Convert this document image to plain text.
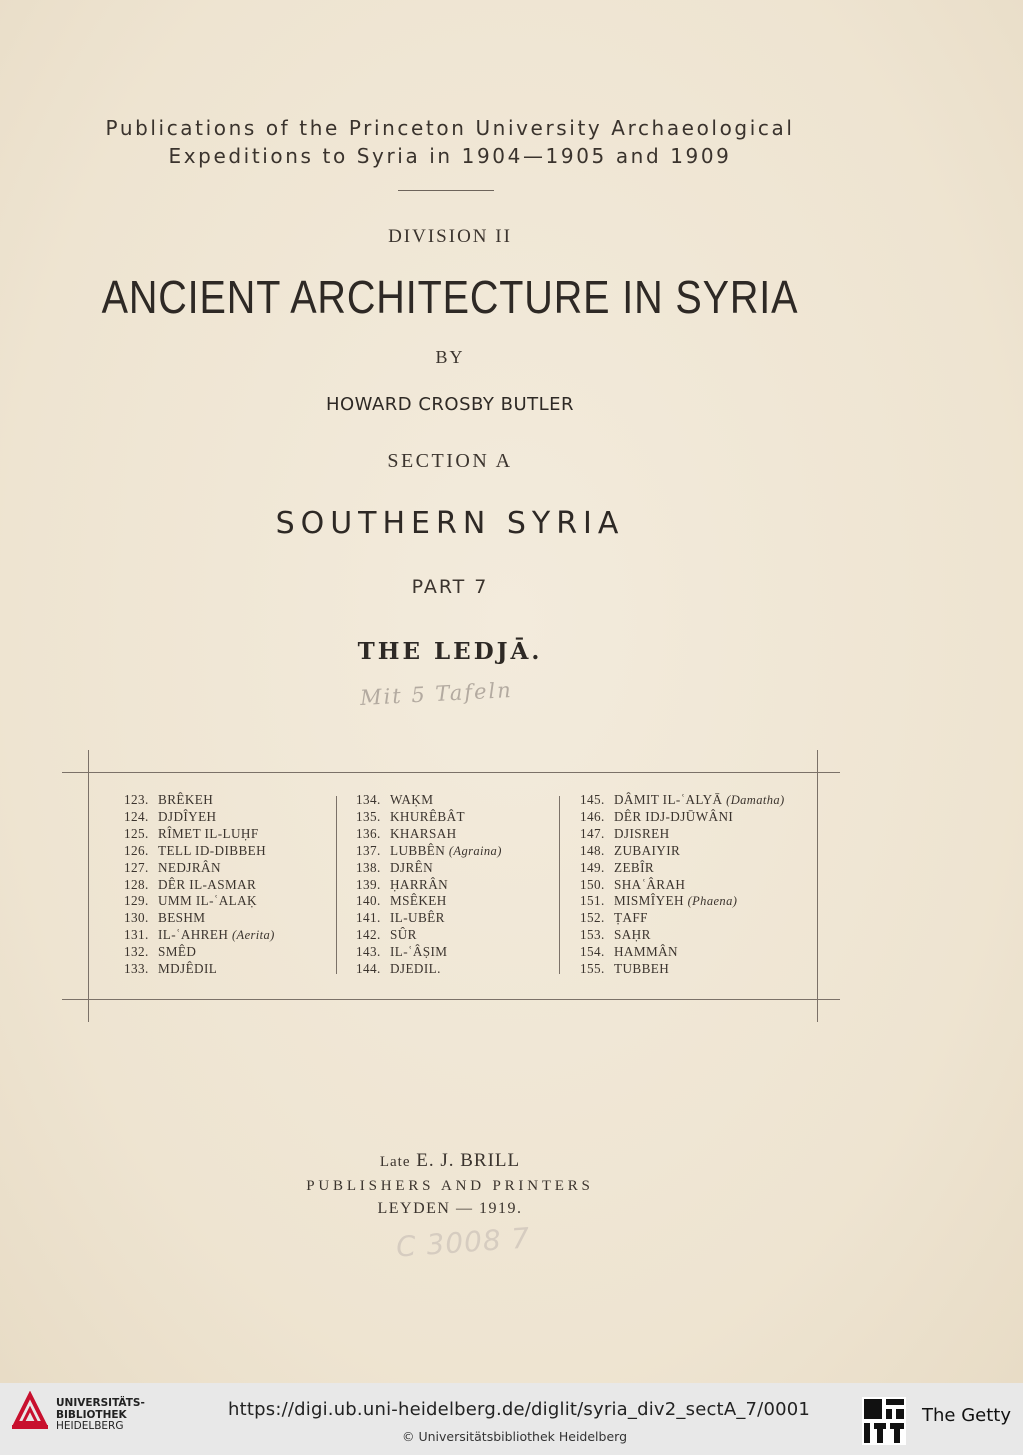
Publications of the Princeton University Archaeological
Expeditions to Syria in 1904—1905 and 1909
DIVISION II
ANCIENT ARCHITECTURE IN SYRIA
BY
HOWARD CROSBY BUTLER
SECTION A
SOUTHERN SYRIA
PART 7
THE LEDJĀ.
Mit 5 Tafeln
123. BRÊKEH
124. DJDÎYEH
125. RÎMET IL-LUḤF
126. TELL ID-DIBBEH
127. NEDJRÂN
128. DÊR IL-ASMAR
129. UMM IL-ʿALAḲ
130. BESHM
131. IL-ʿAHREH (Aerita)
132. SMÊD
133. MDJÊDIL
134. WAḲM
135. KHURÊBÂT
136. KHARSAH
137. LUBBÊN (Agraina)
138. DJRÊN
139. ḤARRÂN
140. MSÊKEH
141. IL-UBÊR
142. SÛR
143. IL-ʿÂṢIM
144. DJEDIL.
145. DÂMIT IL-ʿALYĀ (Damatha)
146. DÊR IDJ-DJŪWÂNI
147. DJISREH
148. ZUBAIYIR
149. ZEBÎR
150. SHAʿÂRAH
151. MISMÎYEH (Phaena)
152. ṬAFF
153. SAḤR
154. HAMMÂN
155. TUBBEH
Late E. J. BRILL
PUBLISHERS AND PRINTERS
LEYDEN — 1919.
C 3008 7
UNIVERSITÄTS-
BIBLIOTHEK
HEIDELBERG
https://digi.ub.uni-heidelberg.de/diglit/syria_div2_sectA_7/0001
© Universitätsbibliothek Heidelberg
The Getty
